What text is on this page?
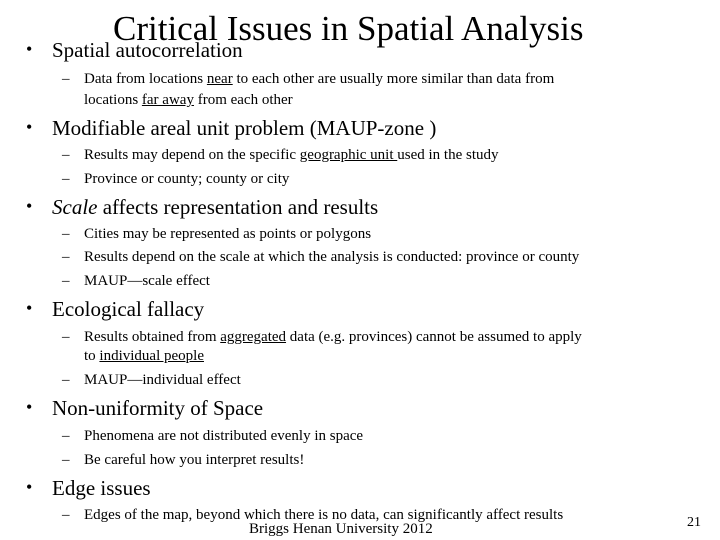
Critical Issues in Spatial Analysis
• Spatial autocorrelation
– Data from locations near to each other are usually more similar than data from
locations far away from each other
• Modifiable areal unit problem (MAUP-zone )
– Results may depend on the specific geographic unit used in the study
– Province or county; county or city
• Scale affects representation and results
– Cities may be represented as points or polygons
– Results depend on the scale at which the analysis is conducted: province or county
– MAUP—scale effect
• Ecological fallacy
– Results obtained from aggregated data (e.g. provinces) cannot be assumed to apply
to individual people
– MAUP—individual effect
• Non-uniformity of Space
– Phenomena are not distributed evenly in space
– Be careful how you interpret results!
• Edge issues
– Edges of the map, beyond which there is no data, can significantly affect results
Briggs Henan University 2012	21
